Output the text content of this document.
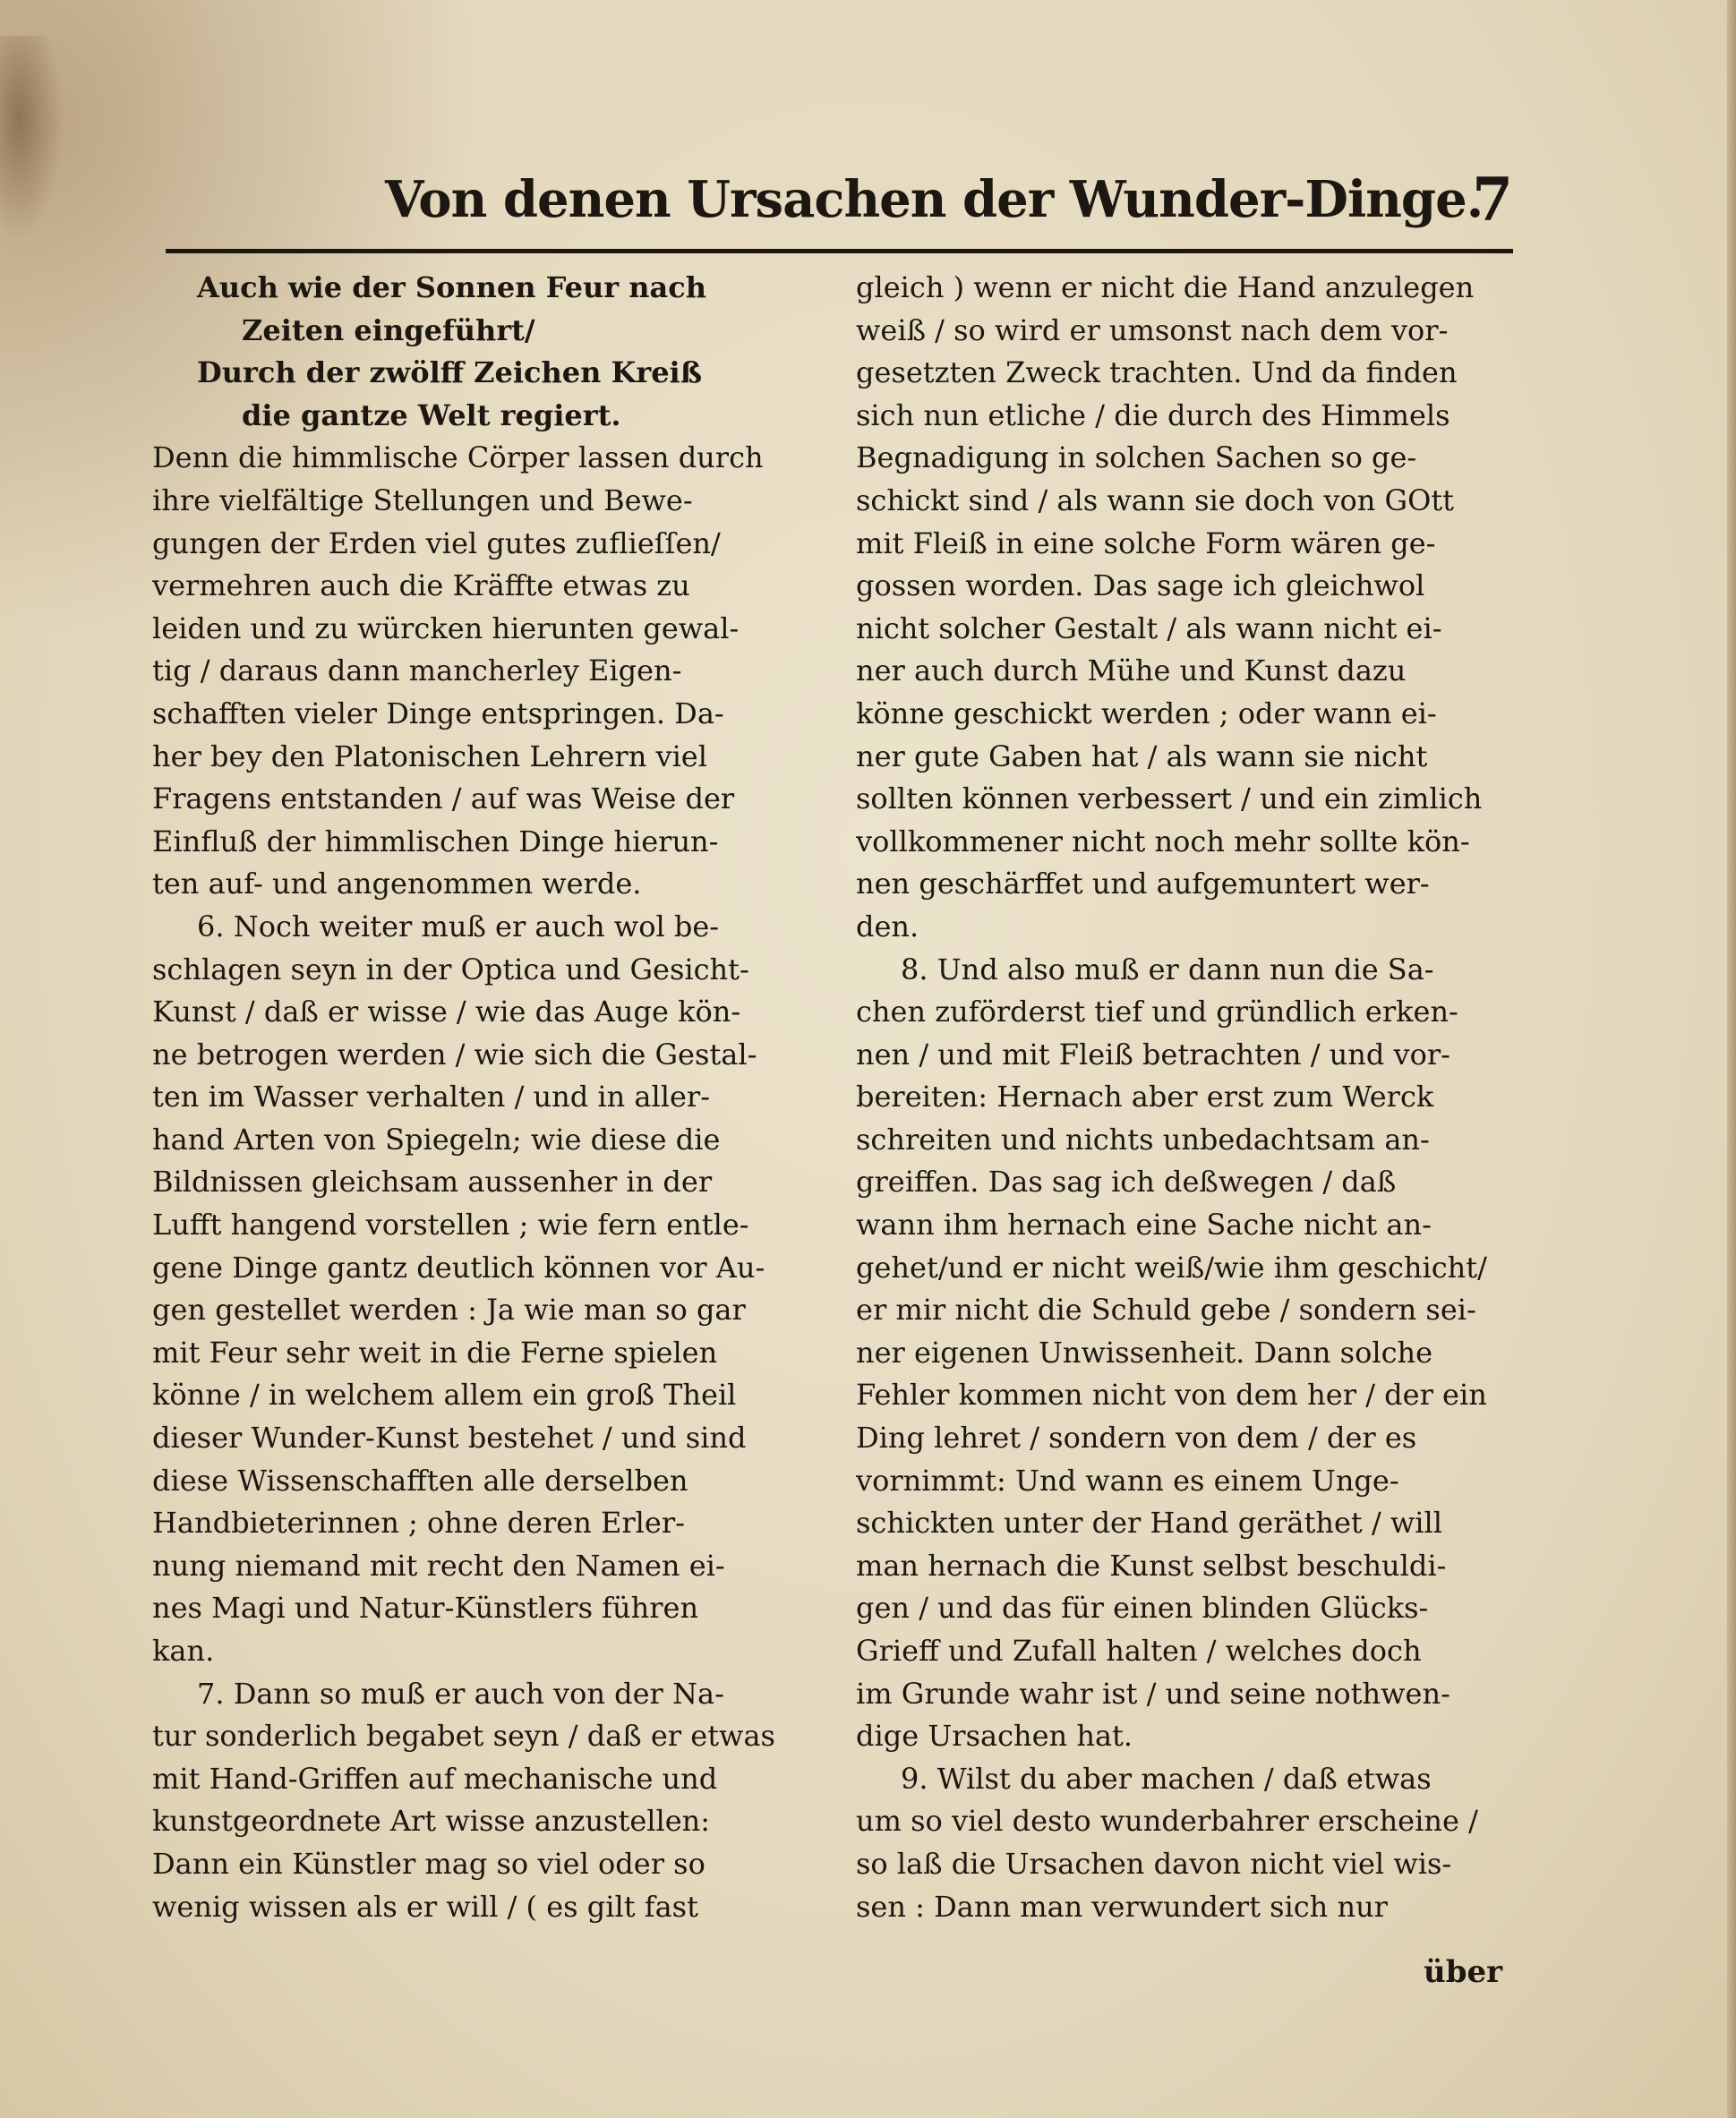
Von denen Ursachen der Wunder-Dinge.
7
Auch wie der Sonnen Feur nach
Zeiten eingeführt/
Durch der zwölff Zeichen Kreiß
die gantze Welt regiert.
Denn die himmlische Cörper lassen durch
ihre vielfältige Stellungen und Bewe-
gungen der Erden viel gutes zuflieſſen/
vermehren auch die Kräffte etwas zu
leiden und zu würcken hierunten gewal-
tig / daraus dann mancherley Eigen-
schafften vieler Dinge entspringen. Da-
her bey den Platonischen Lehrern viel
Fragens entstanden / auf was Weise der
Einfluß der himmlischen Dinge hierun-
ten auf- und angenommen werde.
6. Noch weiter muß er auch wol be-
schlagen seyn in der Optica und Gesicht-
Kunst / daß er wisse / wie das Auge kön-
ne betrogen werden / wie sich die Gestal-
ten im Wasser verhalten / und in aller-
hand Arten von Spiegeln; wie diese die
Bildnissen gleichsam aussenher in der
Lufft hangend vorstellen ; wie fern entle-
gene Dinge gantz deutlich können vor Au-
gen gestellet werden : Ja wie man so gar
mit Feur sehr weit in die Ferne spielen
könne / in welchem allem ein groß Theil
dieser Wunder-Kunst bestehet / und sind
diese Wissenschafften alle derselben
Handbieterinnen ; ohne deren Erler-
nung niemand mit recht den Namen ei-
nes Magi und Natur-Künstlers führen
kan.
7. Dann so muß er auch von der Na-
tur sonderlich begabet seyn / daß er etwas
mit Hand-Griffen auf mechanische und
kunstgeordnete Art wisse anzustellen:
Dann ein Künstler mag so viel oder so
wenig wissen als er will / ( es gilt fast
gleich ) wenn er nicht die Hand anzulegen
weiß / so wird er umsonst nach dem vor-
gesetzten Zweck trachten. Und da finden
sich nun etliche / die durch des Himmels
Begnadigung in solchen Sachen so ge-
schickt sind / als wann sie doch von GOtt
mit Fleiß in eine solche Form wären ge-
gossen worden. Das sage ich gleichwol
nicht solcher Gestalt / als wann nicht ei-
ner auch durch Mühe und Kunst dazu
könne geschickt werden ; oder wann ei-
ner gute Gaben hat / als wann sie nicht
sollten können verbessert / und ein zimlich
vollkommener nicht noch mehr sollte kön-
nen geschärffet und aufgemuntert wer-
den.
8. Und also muß er dann nun die Sa-
chen zuförderst tief und gründlich erken-
nen / und mit Fleiß betrachten / und vor-
bereiten: Hernach aber erst zum Werck
schreiten und nichts unbedachtsam an-
greiffen. Das sag ich deßwegen / daß
wann ihm hernach eine Sache nicht an-
gehet/und er nicht weiß/wie ihm geschicht/
er mir nicht die Schuld gebe / sondern sei-
ner eigenen Unwissenheit. Dann solche
Fehler kommen nicht von dem her / der ein
Ding lehret / sondern von dem / der es
vornimmt: Und wann es einem Unge-
schickten unter der Hand geräthet / will
man hernach die Kunst selbst beschuldi-
gen / und das für einen blinden Glücks-
Grieff und Zufall halten / welches doch
im Grunde wahr ist / und seine nothwen-
dige Ursachen hat.
9. Wilst du aber machen / daß etwas
um so viel desto wunderbahrer erscheine /
so laß die Ursachen davon nicht viel wis-
sen : Dann man verwundert sich nur
über
